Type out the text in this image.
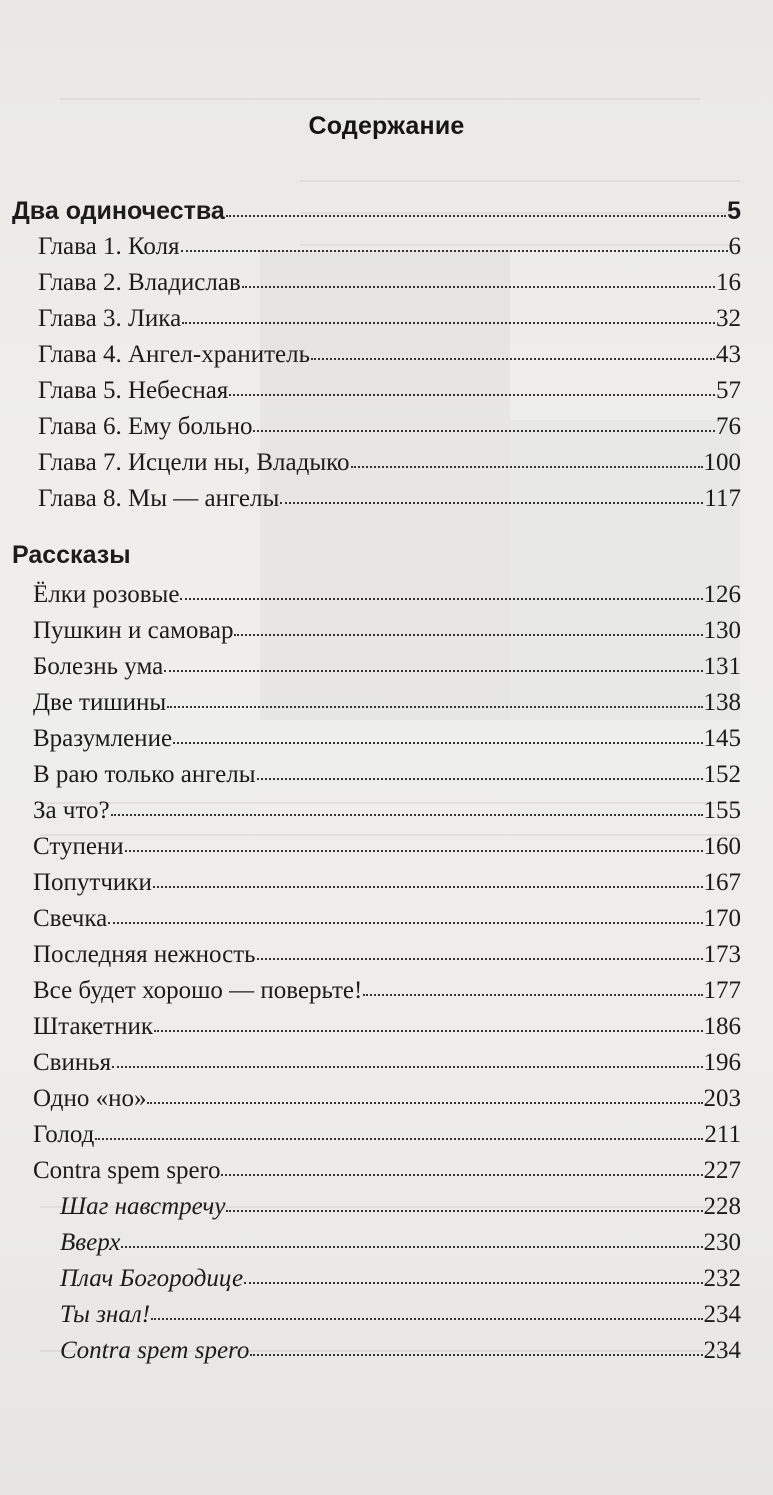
Содержание
Два одиночества	5
Глава 1. Коля	6
Глава 2. Владислав	16
Глава 3. Лика	32
Глава 4. Ангел-хранитель	43
Глава 5. Небесная	57
Глава 6. Ему больно	76
Глава 7. Исцели ны, Владыко	100
Глава 8. Мы — ангелы	117
Рассказы
Ёлки розовые	126
Пушкин и самовар	130
Болезнь ума	131
Две тишины	138
Вразумление	145
В раю только ангелы	152
За что?	155
Ступени	160
Попутчики	167
Свечка	170
Последняя нежность	173
Все будет хорошо — поверьте!	177
Штакетник	186
Свинья	196
Одно «но»	203
Голод	211
Contra spem spero	227
Шаг навстречу	228
Вверх	230
Плач Богородице	232
Ты знал!	234
Contra spem spero	234
